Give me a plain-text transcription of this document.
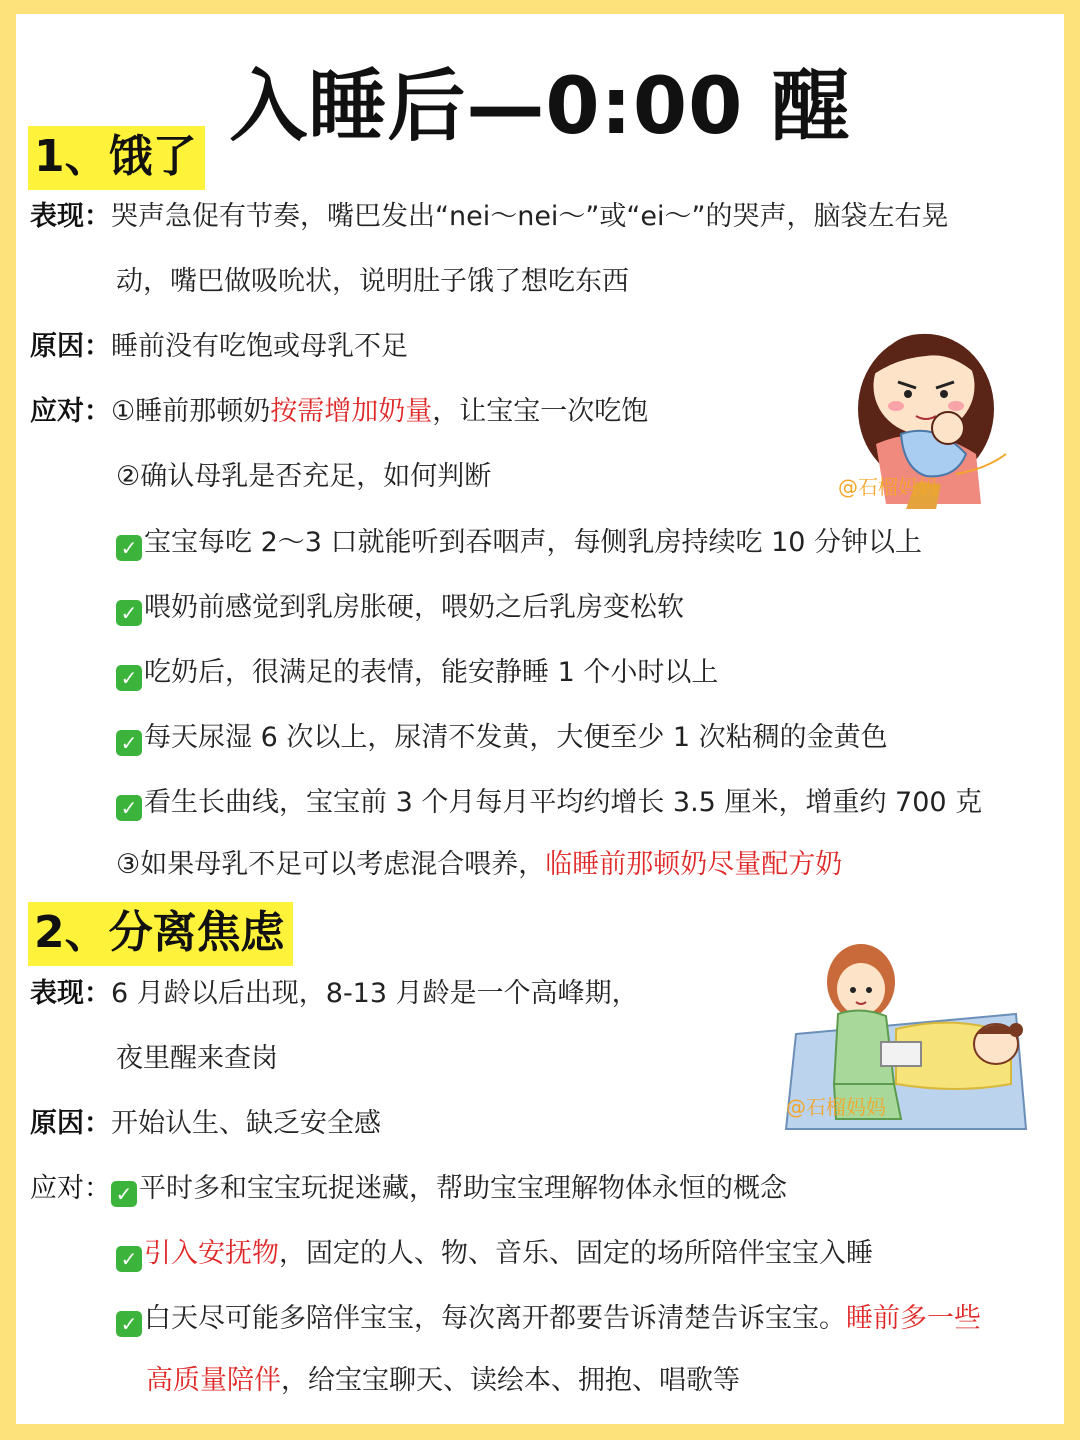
入睡后—0:00 醒
1、饿了
表现：哭声急促有节奏，嘴巴发出“nei～nei～”或“ei～”的哭声，脑袋左右晃
动，嘴巴做吸吮状，说明肚子饿了想吃东西
原因：睡前没有吃饱或母乳不足
应对：①睡前那顿奶按需增加奶量，让宝宝一次吃饱
②确认母乳是否充足，如何判断
✓ 宝宝每吃 2～3 口就能听到吞咽声，每侧乳房持续吃 10 分钟以上
✓ 喂奶前感觉到乳房胀硬，喂奶之后乳房变松软
✓ 吃奶后，很满足的表情，能安静睡 1 个小时以上
✓ 每天尿湿 6 次以上，尿清不发黄，大便至少 1 次粘稠的金黄色
✓ 看生长曲线，宝宝前 3 个月每月平均约增长 3.5 厘米，增重约 700 克
③如果母乳不足可以考虑混合喂养，临睡前那顿奶尽量配方奶
@石榴妈妈
2、分离焦虑
表现：6 月龄以后出现，8-13 月龄是一个高峰期，
夜里醒来查岗
原因：开始认生、缺乏安全感
应对： ✓ 平时多和宝宝玩捉迷藏，帮助宝宝理解物体永恒的概念
✓ 引入安抚物，固定的人、物、音乐、固定的场所陪伴宝宝入睡
✓ 白天尽可能多陪伴宝宝，每次离开都要告诉清楚告诉宝宝。睡前多一些
高质量陪伴，给宝宝聊天、读绘本、拥抱、唱歌等
@石榴妈妈
